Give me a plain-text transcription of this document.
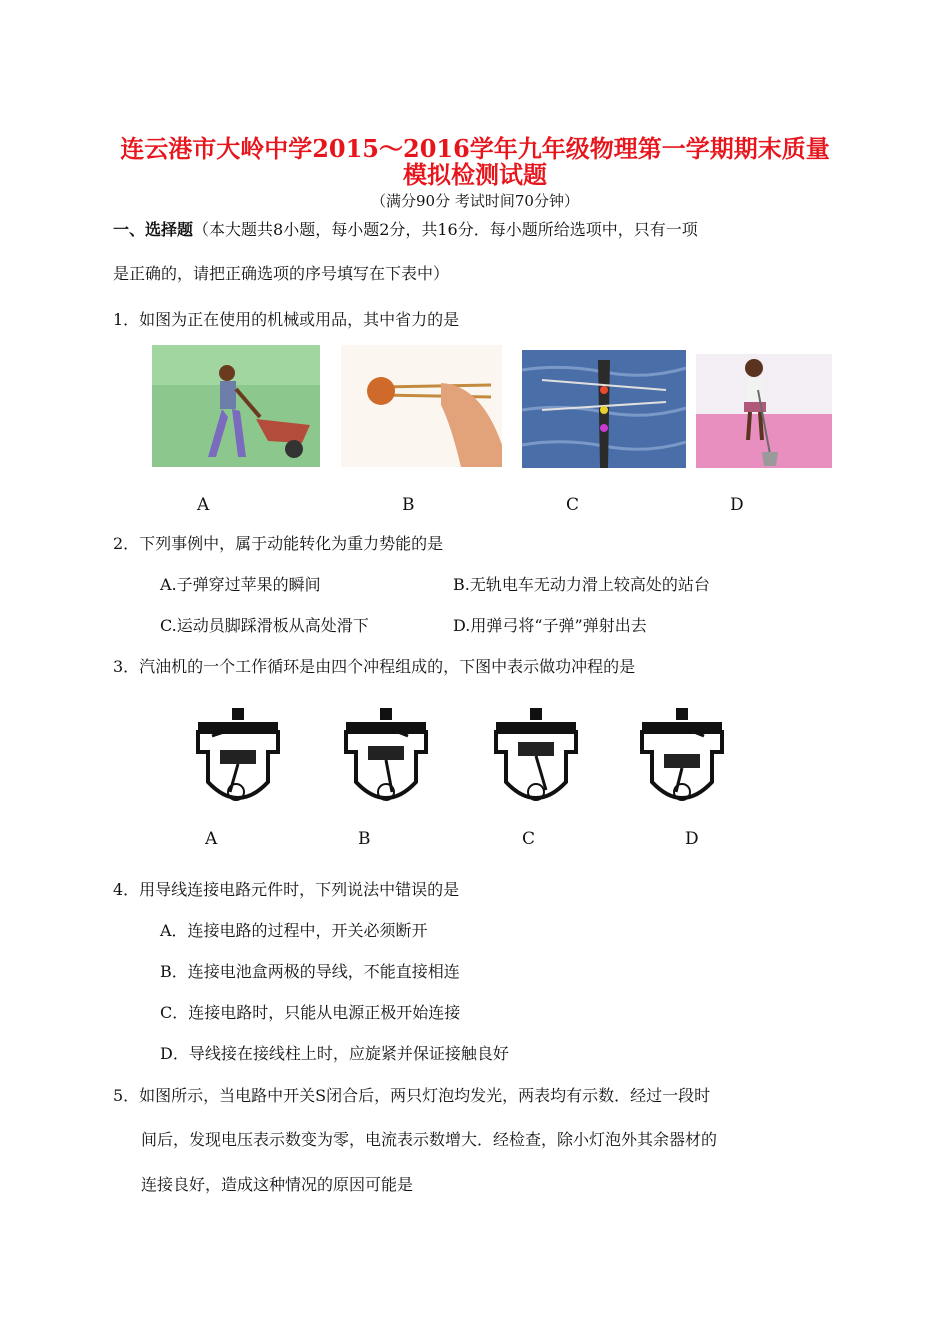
连云港市大岭中学2015～2016学年九年级物理第一学期期末质量
模拟检测试题
（满分90分 考试时间70分钟）
一、选择题（本大题共8小题，每小题2分，共16分．每小题所给选项中，只有一项
是正确的，请把正确选项的序号填写在下表中）
1．如图为正在使用的机械或用品，其中省力的是
A	B	C	D
2．下列事例中，属于动能转化为重力势能的是
A.子弹穿过苹果的瞬间	B.无轨电车无动力滑上较高处的站台
C.运动员脚踩滑板从高处滑下	D.用弹弓将“子弹”弹射出去
3．汽油机的一个工作循环是由四个冲程组成的，下图中表示做功冲程的是
A	B	C	D
4．用导线连接电路元件时，下列说法中错误的是
A．连接电路的过程中，开关必须断开
B．连接电池盒两极的导线，不能直接相连
C．连接电路时，只能从电源正极开始连接
D．导线接在接线柱上时，应旋紧并保证接触良好
5．如图所示，当电路中开关S闭合后，两只灯泡均发光，两表均有示数．经过一段时
间后，发现电压表示数变为零，电流表示数增大．经检查，除小灯泡外其余器材的
连接良好，造成这种情况的原因可能是
